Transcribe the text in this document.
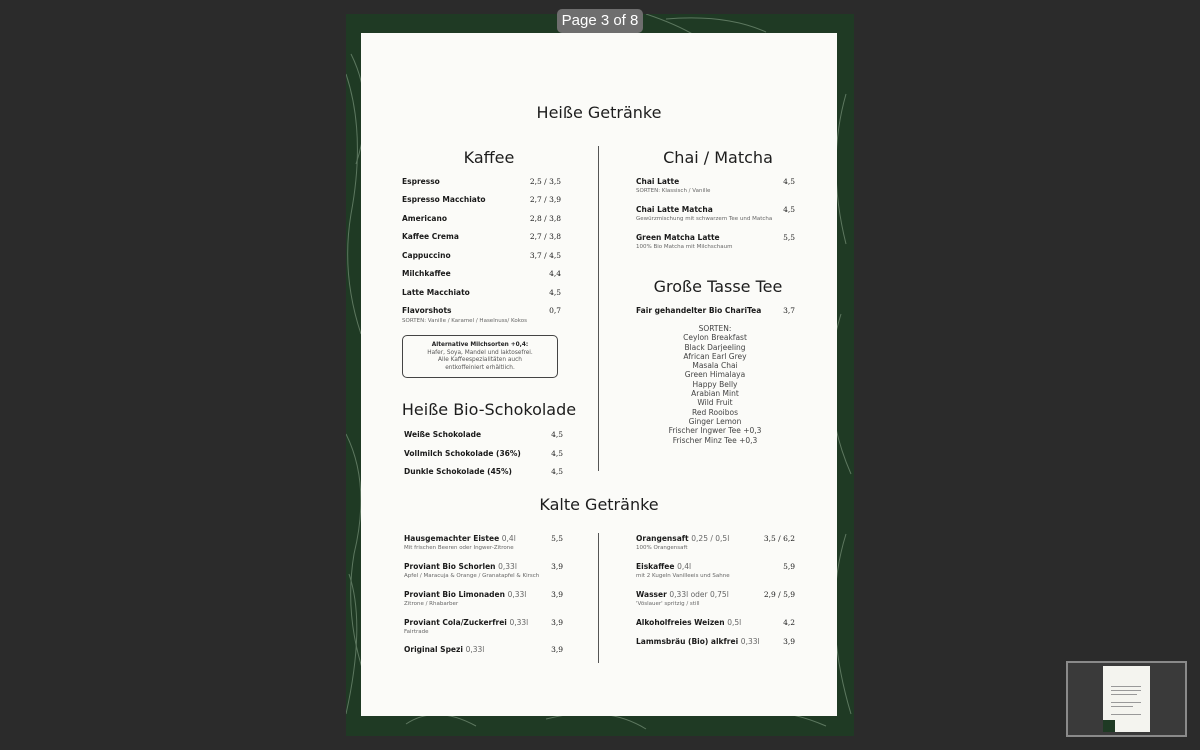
Page 3 of 8
Heiße Getränke
Kaffee
Espresso	2,5 / 3,5
Espresso Macchiato	2,7 / 3,9
Americano	2,8 / 3,8
Kaffee Crema	2,7 / 3,8
Cappuccino	3,7 / 4,5
Milchkaffee	4,4
Latte Macchiato	4,5
Flavorshots	0,7
SORTEN: Vanille / Karamel / Haselnuss/ Kokos
Alternative Milchsorten +0,4:
Hafer, Soya, Mandel und laktosefrei.
Alle Kaffeespezialitäten auch
entkoffeiniert erhältlich.
Heiße Bio-Schokolade
Weiße Schokolade	4,5
Vollmilch Schokolade (36%)	4,5
Dunkle Schokolade (45%)	4,5
Chai / Matcha
Chai Latte	4,5
SORTEN: Klassisch / Vanille
Chai Latte Matcha	4,5
Gewürzmischung mit schwarzem Tee und Matcha
Green Matcha Latte	5,5
100% Bio Matcha mit Milchschaum
Große Tasse Tee
Fair gehandelter Bio ChariTea	3,7
SORTEN:
Ceylon Breakfast
Black Darjeeling
African Earl Grey
Masala Chai
Green Himalaya
Happy Belly
Arabian Mint
Wild Fruit
Red Rooibos
Ginger Lemon
Frischer Ingwer Tee +0,3
Frischer Minz Tee +0,3
Kalte Getränke
Hausgemachter Eistee 0,4l	5,5
Mit frischen Beeren oder Ingwer-Zitrone
Proviant Bio Schorlen 0,33l	3,9
Apfel / Maracuja & Orange / Granatapfel & Kirsch
Proviant Bio Limonaden 0,33l	3,9
Zitrone / Rhabarber
Proviant Cola/Zuckerfrei 0,33l	3,9
Fairtrade
Original Spezi 0,33l	3,9
Orangensaft 0,25 / 0,5l	3,5 / 6,2
100% Orangensaft
Eiskaffee 0,4l	5,9
mit 2 Kugeln Vanilleeis und Sahne
Wasser 0,33l oder 0,75l	2,9 / 5,9
'Vöslauer' spritzig / still
Alkoholfreies Weizen 0,5l	4,2
Lammsbräu (Bio) alkfrei 0,33l	3,9
